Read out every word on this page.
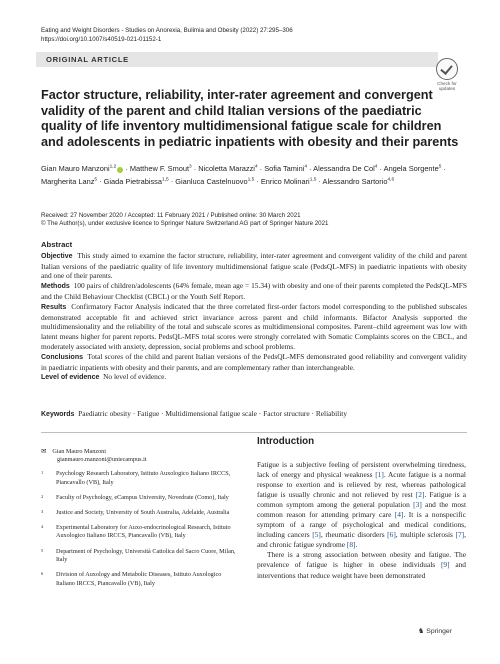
Eating and Weight Disorders - Studies on Anorexia, Bulimia and Obesity (2022) 27:295–306
https://doi.org/10.1007/s40519-021-01152-1
ORIGINAL ARTICLE
Check for
updates
Factor structure, reliability, inter-rater agreement and convergent validity of the parent and child Italian versions of the paediatric quality of life inventory multidimensional fatigue scale for children and adolescents in pediatric inpatients with obesity and their parents
Gian Mauro Manzoni$^{1,2}$ · Matthew F. Smout$^3$ · Nicoletta Marazzi$^4$ · Sofia Tamini$^4$ · Alessandra De Col$^4$ · Angela Sorgente$^5$ · Margherita Lanz$^5$ · Giada Pietrabissa$^{1,5}$ · Gianluca Castelnuovo$^{1,5}$ · Enrico Molinari$^{1,5}$ · Alessandro Sartorio$^{4,6}$
Received: 27 November 2020 / Accepted: 11 February 2021 / Published online: 30 March 2021
© The Author(s), under exclusive licence to Springer Nature Switzerland AG part of Springer Nature 2021
Abstract

Objective This study aimed to examine the factor structure, reliability, inter-rater agreement and convergent validity of the child and parent Italian versions of the paediatric quality of life inventory multidimensional fatigue scale (PedsQL-MFS) in paediatric inpatients with obesity and one of their parents.

Methods 100 pairs of children/adolescents (64% female, mean age = 15.34) with obesity and one of their parents completed the PedsQL-MFS and the Child Behaviour Checklist (CBCL) or the Youth Self Report.

Results Confirmatory Factor Analysis indicated that the three correlated first-order factors model corresponding to the published subscales demonstrated acceptable fit and achieved strict invariance across parent and child informants. Bifactor Analysis supported the multidimensionality and the reliability of the total and subscale scores as multidimensional composites. Parent–child agreement was low with latent means higher for parent reports. PedsQL-MFS total scores were strongly correlated with Somatic Complaints scores on the CBCL, and moderately associated with anxiety, depression, social problems and school problems.

Conclusions Total scores of the child and parent Italian versions of the PedsQL-MFS demonstrated good reliability and convergent validity in paediatric inpatients with obesity and their parents, and are complementary rather than interchangeable.

Level of evidence No level of evidence.

Keywords Paediatric obesity · Fatigue · Multidimensional fatigue scale · Factor structure · Reliability
✉ Gian Mauro Manzoni
gianmauro.manzoni@uniecampus.it
1 Psychology Research Laboratory, Istituto Auxologico Italiano IRCCS, Piancavallo (VB), Italy
2 Faculty of Psychology, eCampus University, Novedrate (Como), Italy
3 Justice and Society, University of South Australia, Adelaide, Australia
4 Experimental Laboratory for Auxo-endocrinological Research, Istituto Auxologico Italiano IRCCS, Piancavallo (VB), Italy
5 Department of Psychology, Università Cattolica del Sacro Cuore, Milan, Italy
6 Division of Auxology and Metabolic Diseases, Istituto Auxologico Italiano IRCCS, Piancavallo (VB), Italy
Introduction

Fatigue is a subjective feeling of persistent overwhelming tiredness, lack of energy and physical weakness [1]. Acute fatigue is a normal response to exertion and is relieved by rest, whereas pathological fatigue is usually chronic and not relieved by rest [2]. Fatigue is a common symptom among the general population [3] and the most common reason for attending primary care [4]. It is a nonspecific symptom of a range of psychological and medical conditions, including cancers [5], rheumatic disorders [6], multiple sclerosis [7], and chronic fatigue syndrome [8].

There is a strong association between obesity and fatigue. The prevalence of fatigue is higher in obese individuals [9] and interventions that reduce weight have been demonstrated

♞ Springer
